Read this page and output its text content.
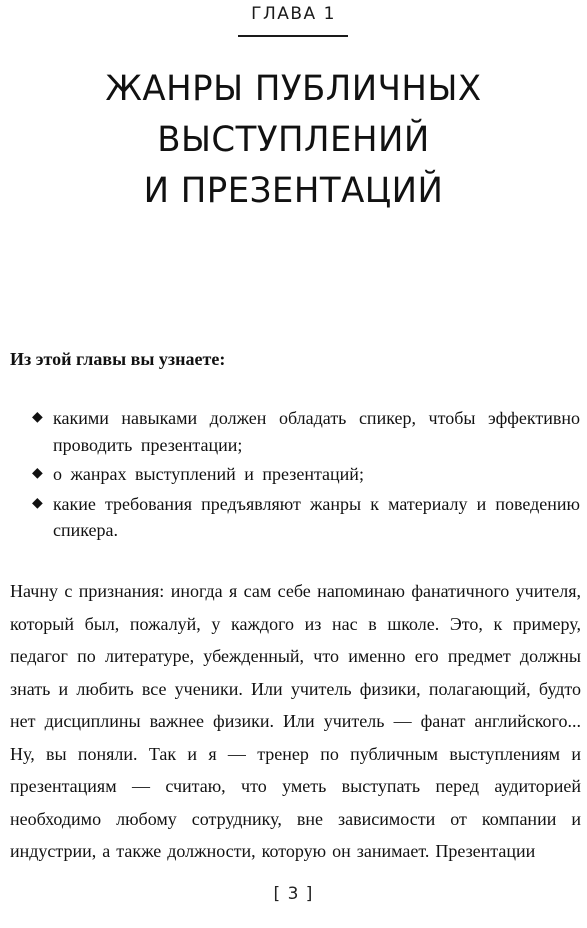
ГЛАВА 1
ЖАНРЫ ПУБЛИЧНЫХ
ВЫСТУПЛЕНИЙ
И ПРЕЗЕНТАЦИЙ
Из этой главы вы узнаете:
◆ какими навыками должен обладать спикер, чтобы эффективно проводить презентации;
◆ о жанрах выступлений и презентаций;
◆ какие требования предъявляют жанры к материалу и поведению спикера.

Начну с признания: иногда я сам себе напоминаю фанатичного учителя, который был, пожалуй, у каждого из нас в школе. Это, к примеру, педагог по литературе, убежденный, что именно его предмет должны знать и любить все ученики. Или учитель физики, полагающий, будто нет дисциплины важнее физики. Или учитель — фанат английского... Ну, вы поняли. Так и я — тренер по публичным выступлениям и презентациям — считаю, что уметь выступать перед аудиторией необходимо любому сотруднику, вне зависимости от компании и индустрии, а также должности, которую он занимает. Презентации

[ 3 ]
